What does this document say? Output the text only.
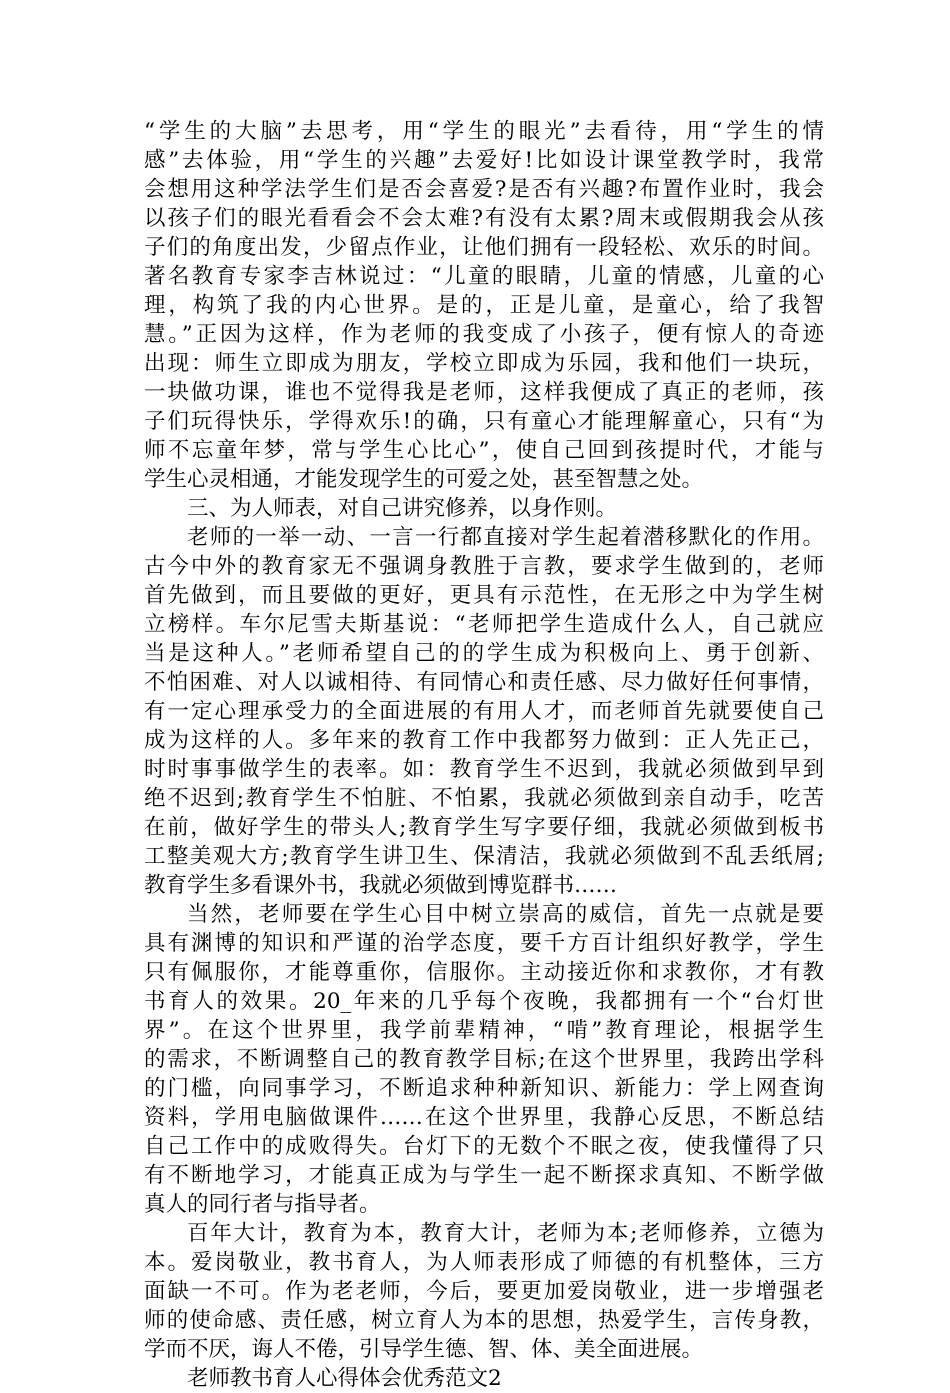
“学生的大脑”去思考，用“学生的眼光”去看待，用“学生的情
感”去体验，用“学生的兴趣”去爱好!比如设计课堂教学时，我常
会想用这种学法学生们是否会喜爱?是否有兴趣?布置作业时，我会
以孩子们的眼光看看会不会太难?有没有太累?周末或假期我会从孩
子们的角度出发，少留点作业，让他们拥有一段轻松、欢乐的时间。
著名教育专家李吉林说过：“儿童的眼睛，儿童的情感，儿童的心
理，构筑了我的内心世界。是的，正是儿童，是童心，给了我智
慧。”正因为这样，作为老师的我变成了小孩子，便有惊人的奇迹
出现：师生立即成为朋友，学校立即成为乐园，我和他们一块玩，
一块做功课，谁也不觉得我是老师，这样我便成了真正的老师，孩
子们玩得快乐，学得欢乐!的确，只有童心才能理解童心，只有“为
师不忘童年梦，常与学生心比心”，使自己回到孩提时代，才能与
学生心灵相通，才能发现学生的可爱之处，甚至智慧之处。
三、为人师表，对自己讲究修养，以身作则。
老师的一举一动、一言一行都直接对学生起着潜移默化的作用。
古今中外的教育家无不强调身教胜于言教，要求学生做到的，老师
首先做到，而且要做的更好，更具有示范性，在无形之中为学生树
立榜样。车尔尼雪夫斯基说：“老师把学生造成什么人，自己就应
当是这种人。”老师希望自己的的学生成为积极向上、勇于创新、
不怕困难、对人以诚相待、有同情心和责任感、尽力做好任何事情，
有一定心理承受力的全面进展的有用人才，而老师首先就要使自己
成为这样的人。多年来的教育工作中我都努力做到：正人先正己，
时时事事做学生的表率。如：教育学生不迟到，我就必须做到早到
绝不迟到;教育学生不怕脏、不怕累，我就必须做到亲自动手，吃苦
在前，做好学生的带头人;教育学生写字要仔细，我就必须做到板书
工整美观大方;教育学生讲卫生、保清洁，我就必须做到不乱丢纸屑;
教育学生多看课外书，我就必须做到博览群书……
当然，老师要在学生心目中树立崇高的威信，首先一点就是要
具有渊博的知识和严谨的治学态度，要千方百计组织好教学，学生
只有佩服你，才能尊重你，信服你。主动接近你和求教你，才有教
书育人的效果。20_年来的几乎每个夜晚，我都拥有一个“台灯世
界”。在这个世界里，我学前辈精神，“啃”教育理论，根据学生
的需求，不断调整自己的教育教学目标;在这个世界里，我跨出学科
的门槛，向同事学习，不断追求种种新知识、新能力：学上网查询
资料，学用电脑做课件……在这个世界里，我静心反思，不断总结
自己工作中的成败得失。台灯下的无数个不眠之夜，使我懂得了只
有不断地学习，才能真正成为与学生一起不断探求真知、不断学做
真人的同行者与指导者。
百年大计，教育为本，教育大计，老师为本;老师修养，立德为
本。爱岗敬业，教书育人，为人师表形成了师德的有机整体，三方
面缺一不可。作为老老师，今后，要更加爱岗敬业，进一步增强老
师的使命感、责任感，树立育人为本的思想，热爱学生，言传身教，
学而不厌，诲人不倦，引导学生德、智、体、美全面进展。
老师教书育人心得体会优秀范文2
